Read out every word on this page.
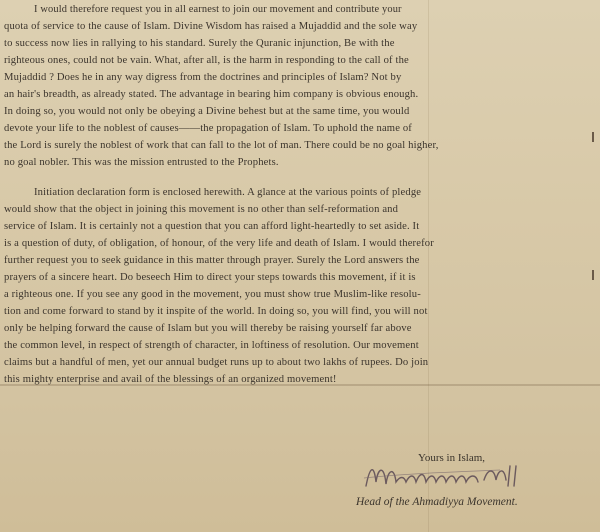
I would therefore request you in all earnest to join our movement and contribute your
quota of service to the cause of Islam. Divine Wisdom has raised a Mujaddid and the sole way
to success now lies in rallying to his standard. Surely the Quranic injunction, Be with the
righteous ones, could not be vain. What, after all, is the harm in responding to the call of the
Mujaddid ? Does he in any way digress from the doctrines and principles of Islam? Not by
an hair's breadth, as already stated. The advantage in bearing him company is obvious enough.
In doing so, you would not only be obeying a Divine behest but at the same time, you would
devote your life to the noblest of causes——the propagation of Islam. To uphold the name of
the Lord is surely the noblest of work that can fall to the lot of man. There could be no goal higher,
no goal nobler. This was the mission entrusted to the Prophets.
Initiation declaration form is enclosed herewith. A glance at the various points of pledge
would show that the object in joining this movement is no other than self-reformation and
service of Islam. It is certainly not a question that you can afford light-heartedly to set aside. It
is a question of duty, of obligation, of honour, of the very life and death of Islam. I would therefor
further request you to seek guidance in this matter through prayer. Surely the Lord answers the
prayers of a sincere heart. Do beseech Him to direct your steps towards this movement, if it is
a righteous one. If you see any good in the movement, you must show true Muslim-like resolu-
tion and come forward to stand by it inspite of the world. In doing so, you will find, you will not
only be helping forward the cause of Islam but you will thereby be raising yourself far above
the common level, in respect of strength of character, in loftiness of resolution. Our movement
claims but a handful of men, yet our annual budget runs up to about two lakhs of rupees. Do join
this mighty enterprise and avail of the blessings of an organized movement!
Yours in Islam,
Head of the Ahmadiyya Movement.
